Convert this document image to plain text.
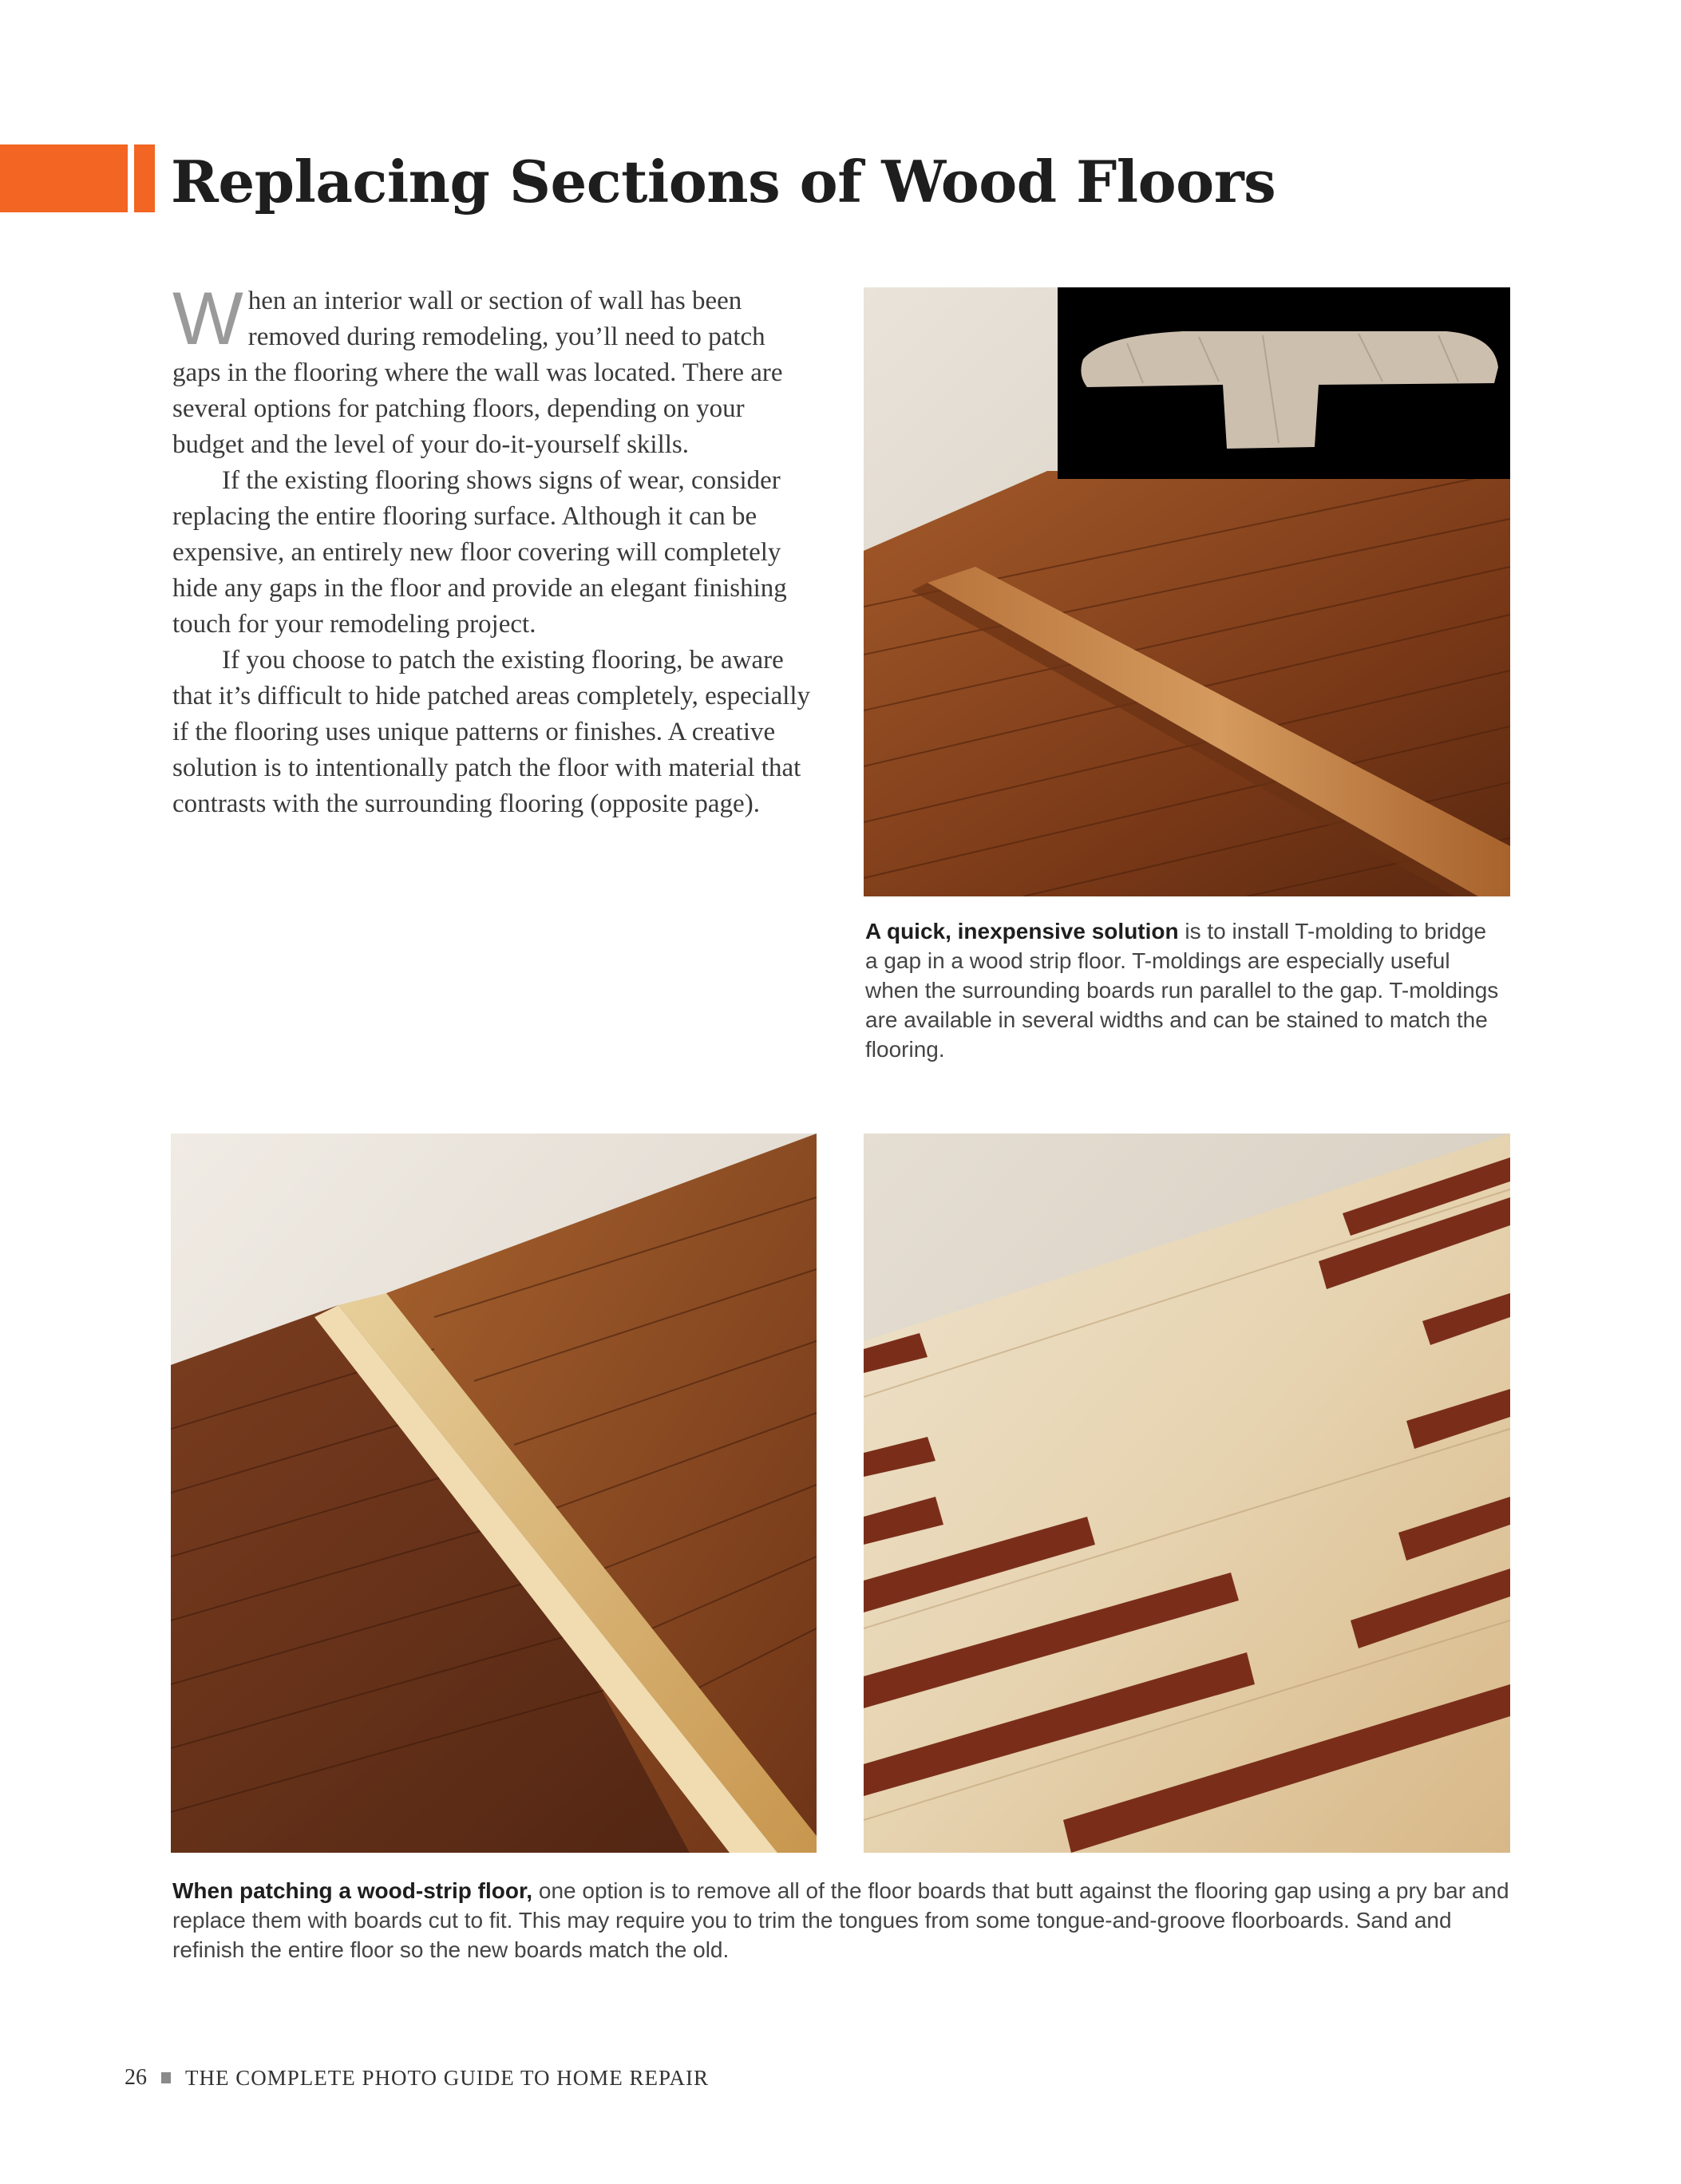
Replacing Sections of Wood Floors

When an interior wall or section of wall has been removed during remodeling, you’ll need to patch gaps in the flooring where the wall was located. There are several options for patching floors, depending on your budget and the level of your do-it-yourself skills.

If the existing flooring shows signs of wear, consider replacing the entire flooring surface. Although it can be expensive, an entirely new floor covering will completely hide any gaps in the floor and provide an elegant finishing touch for your remodeling project.

If you choose to patch the existing flooring, be aware that it’s difficult to hide patched areas completely, especially if the flooring uses unique patterns or finishes. A creative solution is to intentionally patch the floor with material that contrasts with the surrounding flooring (opposite page).

A quick, inexpensive solution is to install T-molding to bridge a gap in a wood strip floor. T-moldings are especially useful when the surrounding boards run parallel to the gap. T-moldings are available in several widths and can be stained to match the flooring.
When patching a wood-strip floor, one option is to remove all of the floor boards that butt against the flooring gap using a pry bar and replace them with boards cut to fit. This may require you to trim the tongues from some tongue-and-groove floorboards. Sand and refinish the entire floor so the new boards match the old.
26 THE COMPLETE PHOTO GUIDE TO HOME REPAIR
